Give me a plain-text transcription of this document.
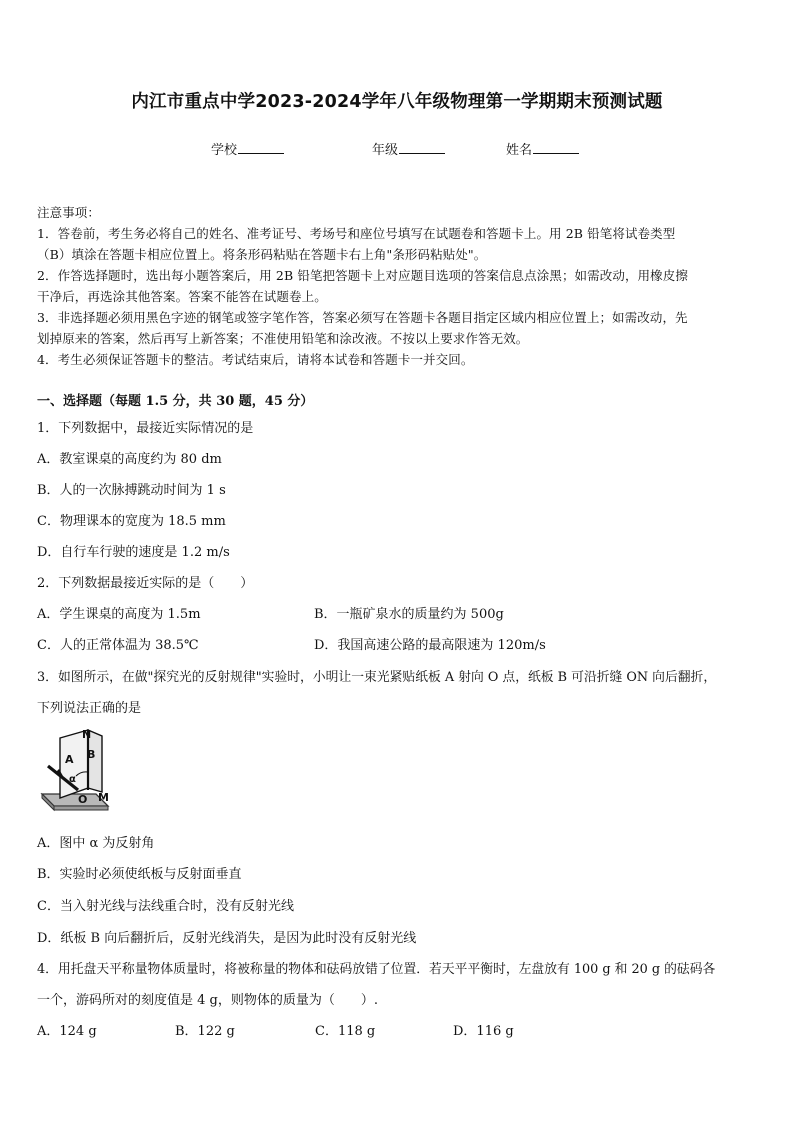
内江市重点中学2023-2024学年八年级物理第一学期期末预测试题
学校	年级	姓名
注意事项：
1．答卷前，考生务必将自己的姓名、准考证号、考场号和座位号填写在试题卷和答题卡上。用 2B 铅笔将试卷类型
（B）填涂在答题卡相应位置上。将条形码粘贴在答题卡右上角"条形码粘贴处"。
2．作答选择题时，选出每小题答案后，用 2B 铅笔把答题卡上对应题目选项的答案信息点涂黑；如需改动，用橡皮擦
干净后，再选涂其他答案。答案不能答在试题卷上。
3．非选择题必须用黑色字迹的钢笔或签字笔作答，答案必须写在答题卡各题目指定区域内相应位置上；如需改动，先
划掉原来的答案，然后再写上新答案；不准使用铅笔和涂改液。不按以上要求作答无效。
4．考生必须保证答题卡的整洁。考试结束后，请将本试卷和答题卡一并交回。
一、选择题（每题 1.5 分，共 30 题，45 分）
1．下列数据中，最接近实际情况的是
A．教室课桌的高度约为 80 dm
B．人的一次脉搏跳动时间为 1 s
C．物理课本的宽度为 18.5 mm
D．自行车行驶的速度是 1.2 m/s
2．下列数据最接近实际的是（　　）
A．学生课桌的高度为 1.5m	B．一瓶矿泉水的质量约为 500g
C．人的正常体温为 38.5℃	D．我国高速公路的最高限速为 120m/s
3．如图所示，在做"探究光的反射规律"实验时，小明让一束光紧贴纸板 A 射向 O 点，纸板 B 可沿折缝 ON 向后翻折，
下列说法正确的是
N
A B
α
O M
A．图中 α 为反射角
B．实验时必须使纸板与反射面垂直
C．当入射光线与法线重合时，没有反射光线
D．纸板 B 向后翻折后，反射光线消失，是因为此时没有反射光线
4．用托盘天平称量物体质量时，将被称量的物体和砝码放错了位置．若天平平衡时，左盘放有 100 g 和 20 g 的砝码各
一个，游码所对的刻度值是 4 g，则物体的质量为（　　）.
A．124 g	B．122 g	C．118 g	D．116 g
